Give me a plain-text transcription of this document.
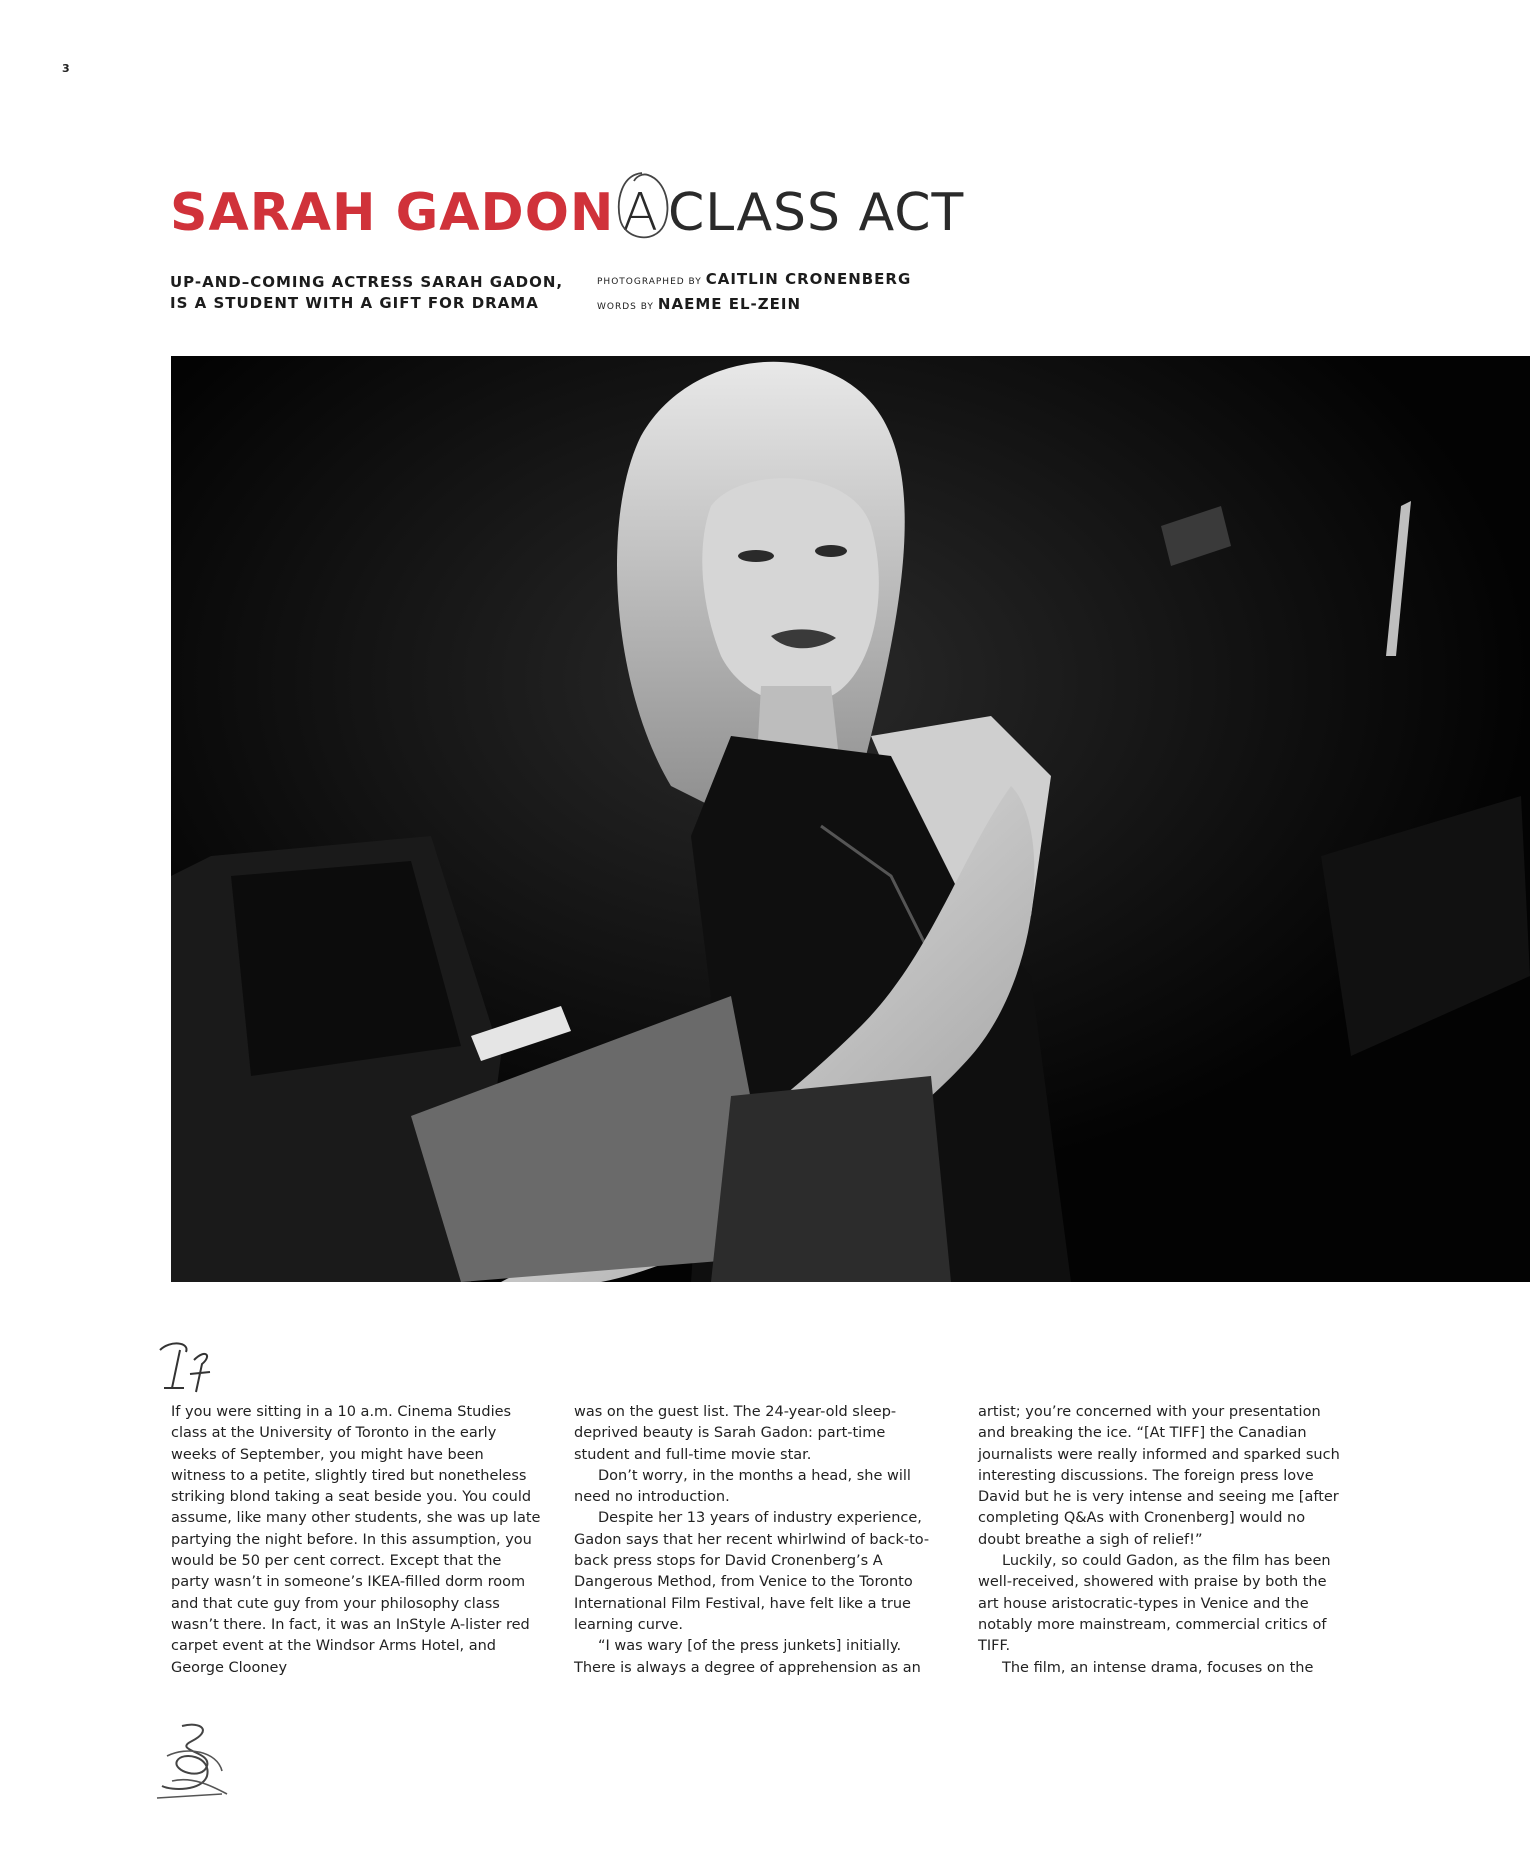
3
SARAH GADON A CLASS ACT
UP-AND–COMING ACTRESS SARAH GADON,
IS A STUDENT WITH A GIFT FOR DRAMA
PHOTOGRAPHED BY CAITLIN CRONENBERG
WORDS BY NAEME EL-ZEIN

If you were sitting in a 10 a.m. Cinema Studies class at the University of Toronto in the early weeks of September, you might have been witness to a petite, slightly tired but nonetheless striking blond taking a seat beside you. You could assume, like many other students, she was up late partying the night before. In this assumption, you would be 50 per cent correct. Except that the party wasn’t in someone’s IKEA-filled dorm room and that cute guy from your philosophy class wasn’t there. In fact, it was an InStyle A-lister red carpet event at the Windsor Arms Hotel, and George Clooney

was on the guest list. The 24-year-old sleep-deprived beauty is Sarah Gadon: part-time student and full-time movie star.

Don’t worry, in the months a head, she will need no introduction.

Despite her 13 years of industry experience, Gadon says that her recent whirlwind of back-to-back press stops for David Cronenberg’s A Dangerous Method, from Venice to the Toronto International Film Festival, have felt like a true learning curve.

“I was wary [of the press junkets] initially. There is always a degree of apprehension as an

artist; you’re concerned with your presentation and breaking the ice. “[At TIFF] the Canadian journalists were really informed and sparked such interesting discussions. The foreign press love David but he is very intense and seeing me [after completing Q&As with Cronenberg] would no doubt breathe a sigh of relief!”

Luckily, so could Gadon, as the film has been well-received, showered with praise by both the art house aristocratic-types in Venice and the notably more mainstream, commercial critics of TIFF.

The film, an intense drama, focuses on the
